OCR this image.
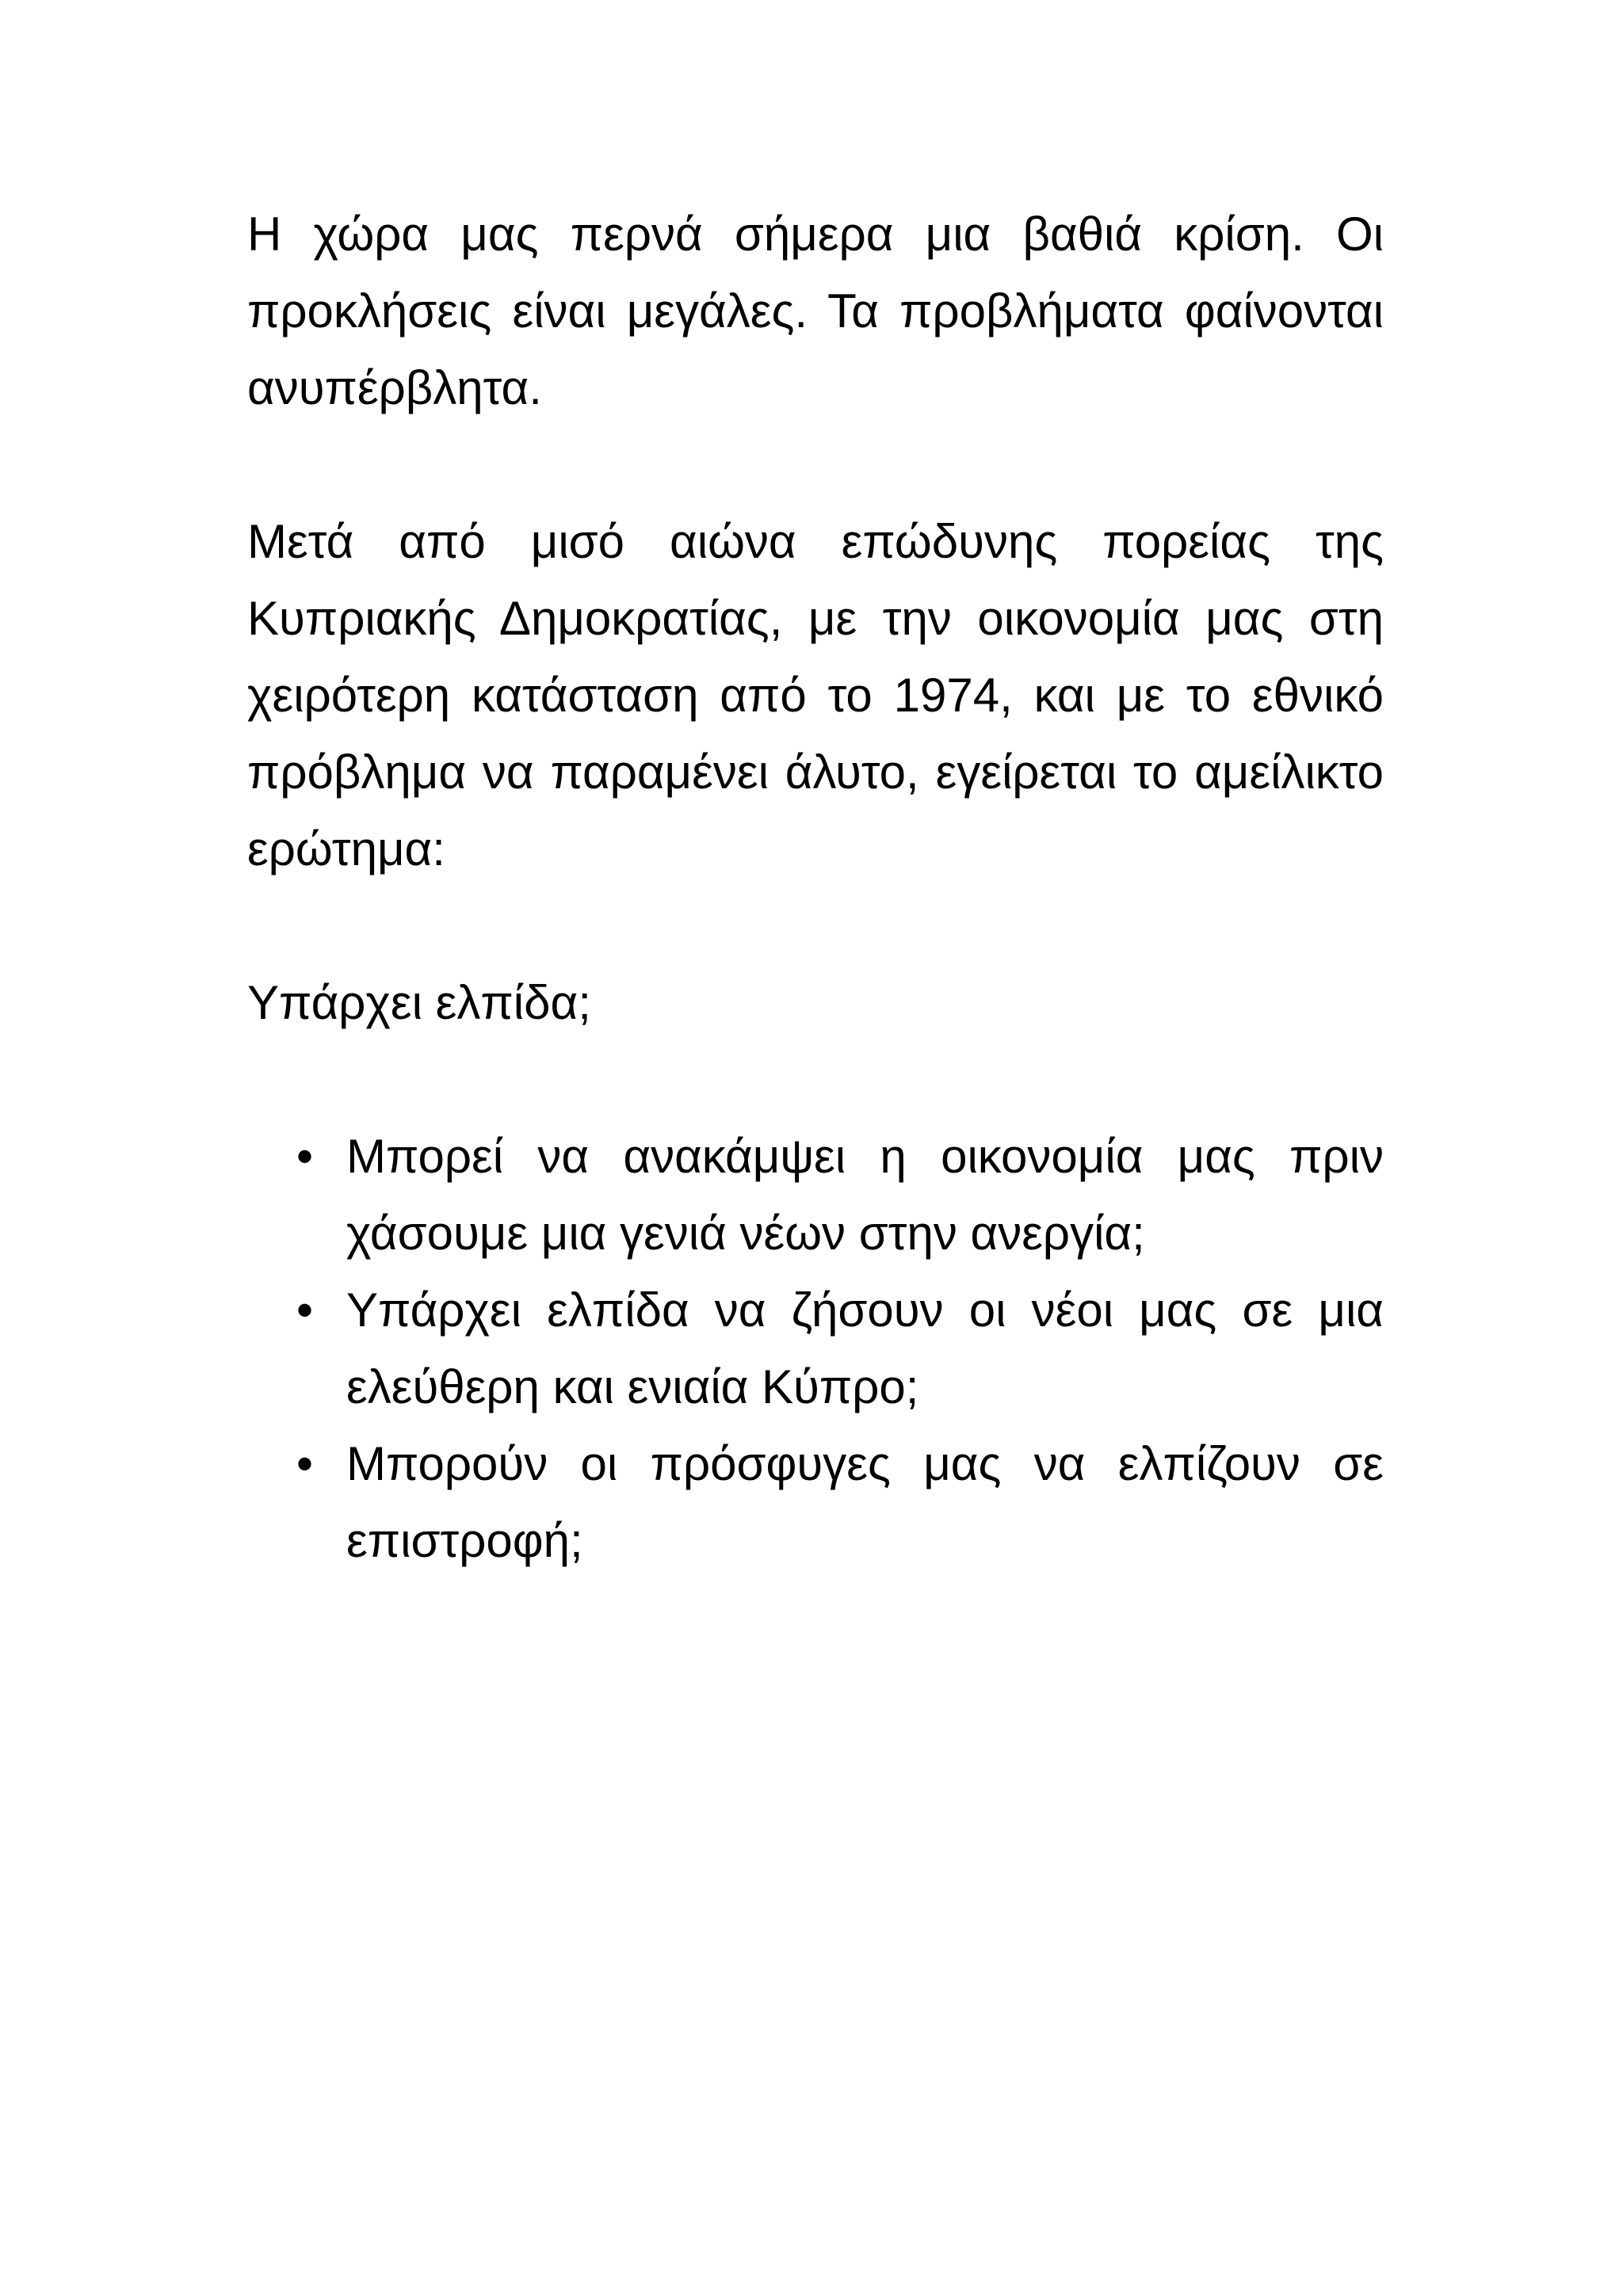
Η χώρα μας περνά σήμερα μια βαθιά κρίση. Οι προκλήσεις είναι μεγάλες. Τα προβλήματα φαίνονται ανυπέρβλητα.

Μετά από μισό αιώνα επώδυνης πορείας της Κυπριακής Δημοκρατίας, με την οικονομία μας στη χειρότερη κατάσταση από το 1974, και με το εθνικό πρόβλημα να παραμένει άλυτο, εγείρεται το αμείλικτο ερώτημα:

Υπάρχει ελπίδα;

• Μπορεί να ανακάμψει η οικονομία μας πριν χάσουμε μια γενιά νέων στην ανεργία;
• Υπάρχει ελπίδα να ζήσουν οι νέοι μας σε μια ελεύθερη και ενιαία Κύπρο;
• Μπορούν οι πρόσφυγες μας να ελπίζουν σε επιστροφή;
